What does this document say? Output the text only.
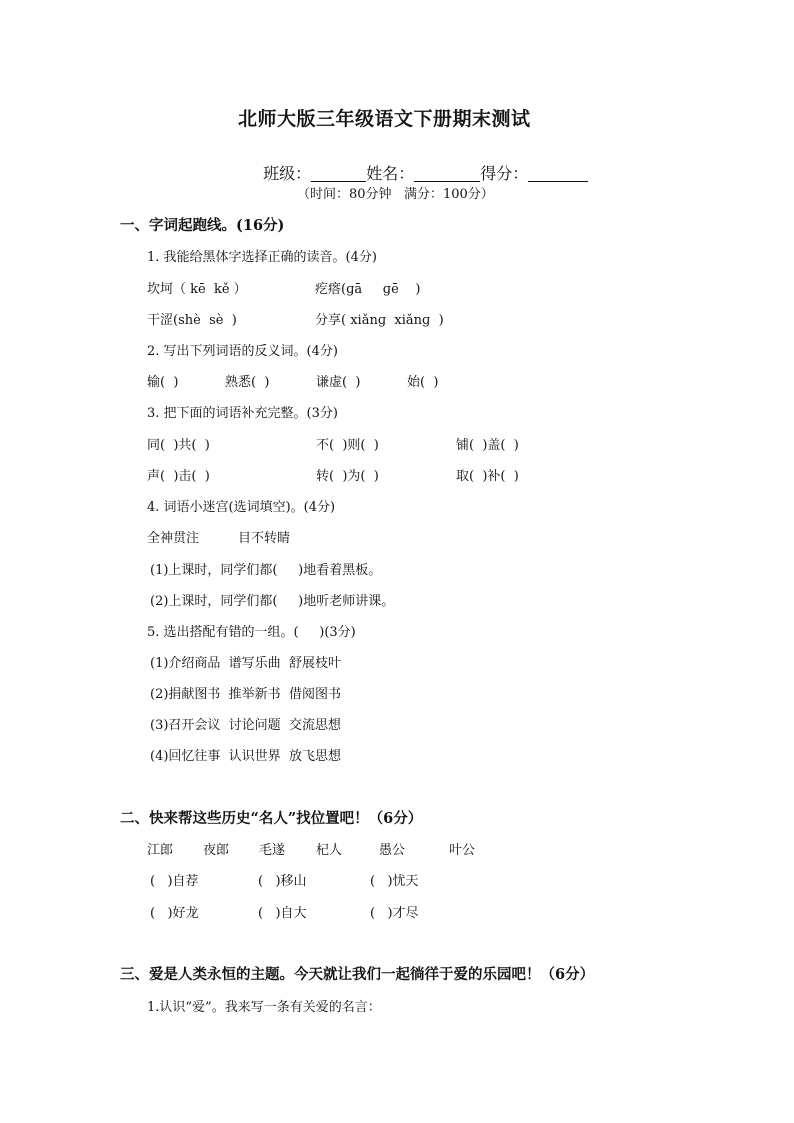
北师大版三年级语文下册期末测试

班级：	姓名：	得分：

（时间：80分钟   满分：100分）
一、字词起跑线。(16分)
1. 我能给黑体字选择正确的读音。(4分)
坎坷（ kē  kě ）	疙瘩(ɡā     ɡē    )
干涩(shè  sè  )	分享( xiǎnɡ  xiǎnɡ  )
2. 写出下列词语的反义词。(4分)
输(  )	熟悉(  )	谦虚(  )	始(  )
3. 把下面的词语补充完整。(3分)
同(  )共(  )	不(  )则(  )	铺(  )盖(  )
声(  )击(  )	转(  )为(  )	取(  )补(  )
4. 词语小迷宫(选词填空)。(4分)
全神贯注	目不转睛
(1)上课时，同学们都(     )地看着黑板。
(2)上课时，同学们都(     )地听老师讲课。
5. 选出搭配有错的一组。(     )(3分)
(1)介绍商品  谱写乐曲  舒展枝叶
(2)捐献图书  推举新书  借阅图书
(3)召开会议  讨论问题  交流思想
(4)回忆往事  认识世界  放飞思想
二、快来帮这些历史“名人”找位置吧！（6分）
江郎 夜郎 毛遂 杞人	愚公	叶公
(   )自荐	(   )移山	(   )忧天
(   )好龙	(   )自大	(   )才尽
三、爱是人类永恒的主题。今天就让我们一起徜徉于爱的乐园吧！（6分）
1.认识“爱”。我来写一条有关爱的名言：
